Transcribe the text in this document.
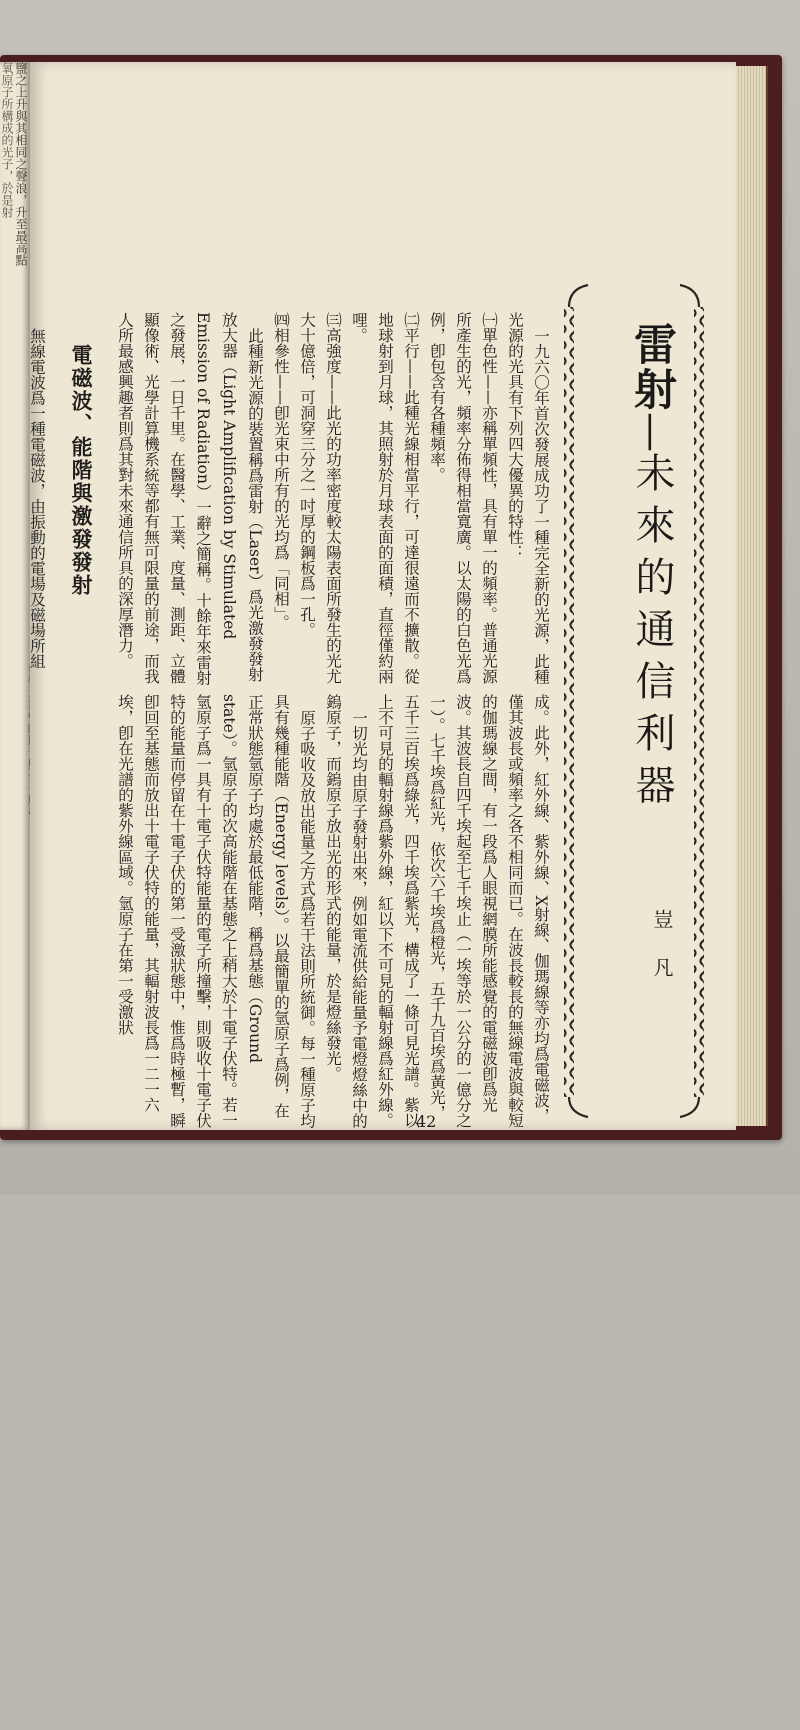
鹽之上升與其相同之聲浪，升至最高點
氧原子所構成的光子，於是射

一九六〇年首次發展成功了一種完全新的光源，此種光源的光具有下列四大優異的特性：

㈠單色性——亦稱單頻性，具有單一的頻率。普通光源所產生的光，頻率分佈得相當寬廣。以太陽的白色光爲例，卽包含有各種頻率。

㈡平行——此種光線相當平行，可達很遠而不擴散。從地球射到月球，其照射於月球表面的面積，直徑僅約兩哩。

㈢高強度——此光的功率密度較太陽表面所發生的光尤大十億倍，可洞穿三分之一吋厚的鋼板爲一孔。

㈣相參性——卽光束中所有的光均爲「同相」。

此種新光源的裝置稱爲雷射（Laser）爲光激發發射放大器（Light Amplification by Stimulated Emission of Radiation）一辭之簡稱。十餘年來雷射之發展，一日千里。在醫學、工業、度量、測距、立體顯像術、光學計算機系統等都有無可限量的前途，而我人所最感興趣者則爲其對未來通信所具的深厚潛力。

電磁波、能階與激發發射

無線電波爲一種電磁波，由振動的電場及磁場所組

成。此外，紅外線、紫外線、X射線、伽瑪線等亦均爲電磁波，僅其波長或頻率之各不相同而已。在波長較長的無線電波與較短的伽瑪線之間，有一段爲人眼視網膜所能感覺的電磁波卽爲光波。其波長自四千埃起至七千埃止（一埃等於一公分的一億分之一）。七千埃爲紅光，依次六千埃爲橙光，五千九百埃爲黃光，五千三百埃爲綠光，四千埃爲紫光，構成了一條可見光譜。紫以上不可見的輻射線爲紫外線，紅以下不可見的輻射線爲紅外線。

一切光均由原子發射出來，例如電流供給能量予電燈燈絲中的鎢原子，而鎢原子放出光的形式的能量，於是燈絲發光。

原子吸收及放出能量之方式爲若干法則所統御。每一種原子均具有幾種能階（Energy levels）。以最簡單的氫原子爲例，在正常狀態氫原子均處於最低能階，稱爲基態（Ground state）。氫原子的次高能階在基態之上稍大於十電子伏特。若一氫原子爲一具有十電子伏特能量的電子所撞擊，則吸收十電子伏特的能量而停留在十電子伏的第一受激狀態中，惟爲時極暫，瞬卽回至基態而放出十電子伏特的能量，其輻射波長爲一二一六埃，卽在光譜的紫外線區域。氫原子在第一受激狀

雷射—未來的通信利器
豈凡
42
